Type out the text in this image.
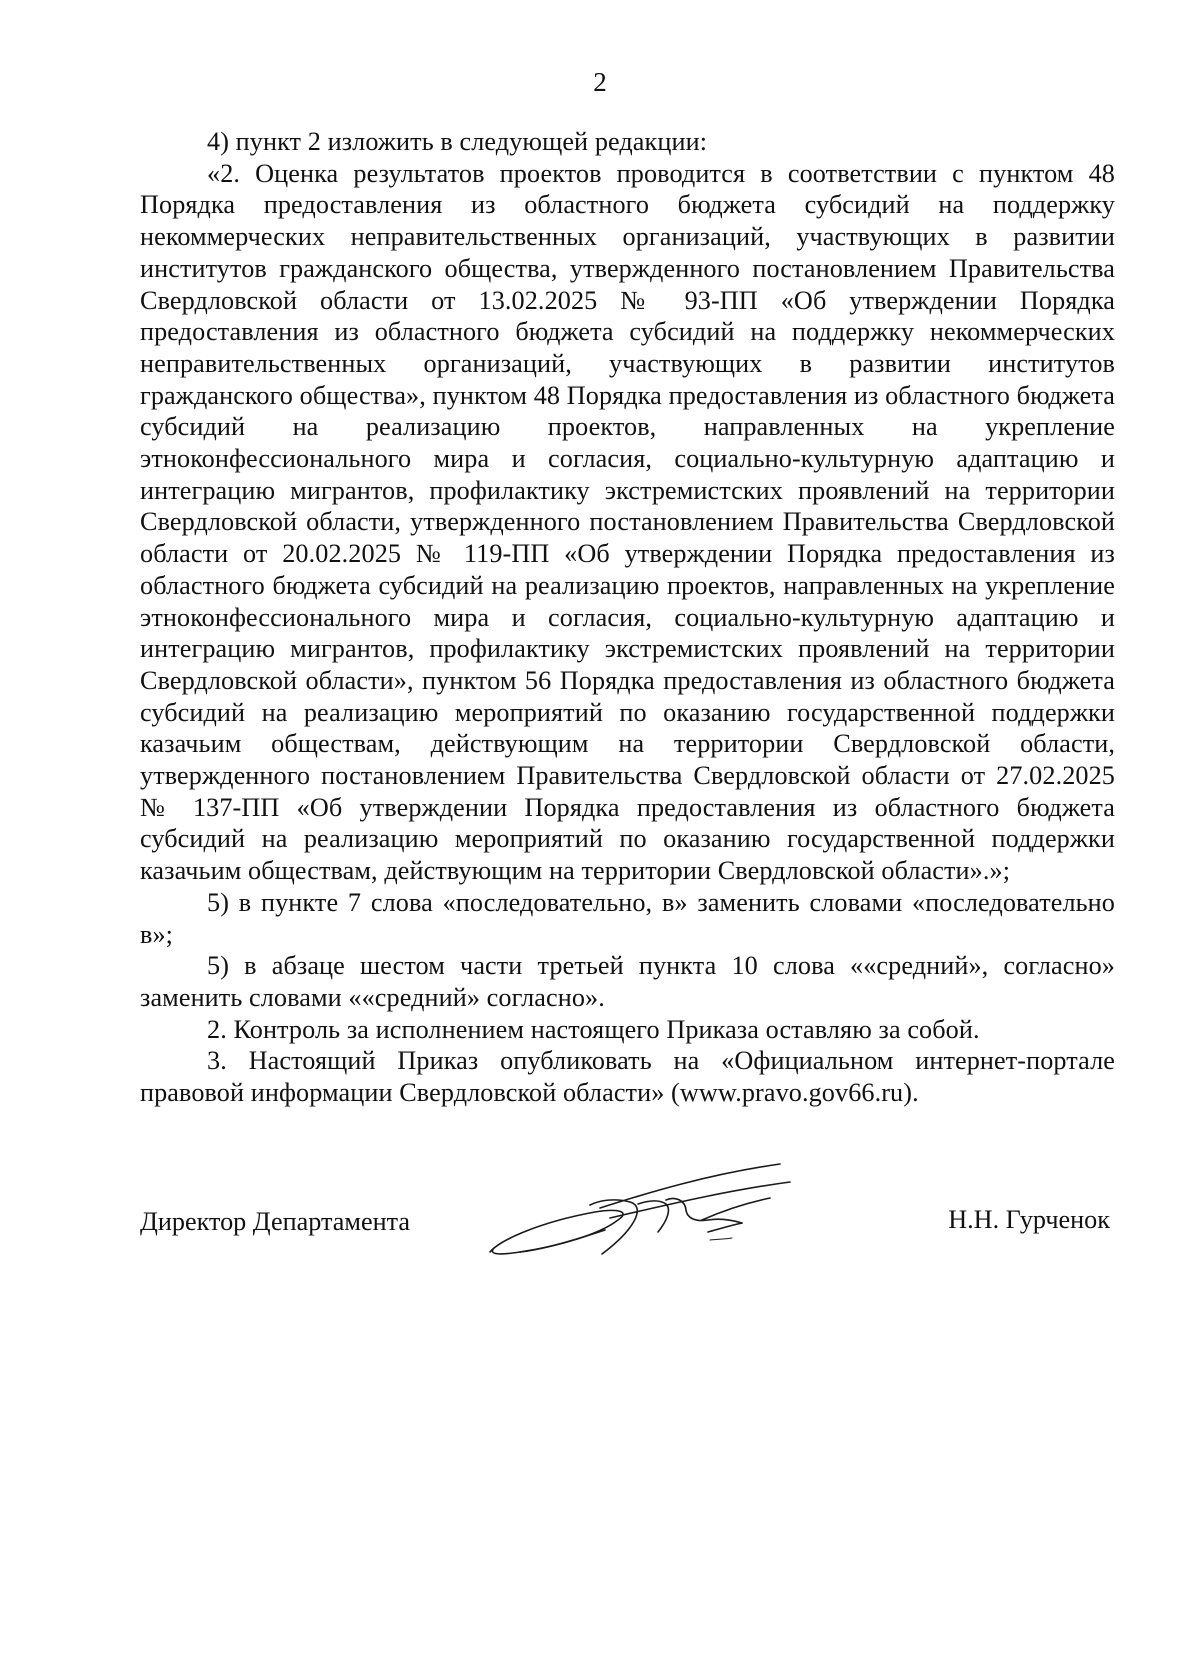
2

4) пункт 2 изложить в следующей редакции:

«2. Оценка результатов проектов проводится в соответствии с пунктом 48 Порядка предоставления из областного бюджета субсидий на поддержку некоммерческих неправительственных организаций, участвующих в развитии институтов гражданского общества, утвержденного постановлением Правительства Свердловской области от 13.02.2025 № 93-ПП «Об утверждении Порядка предоставления из областного бюджета субсидий на поддержку некоммерческих неправительственных организаций, участвующих в развитии институтов гражданского общества», пунктом 48 Порядка предоставления из областного бюджета субсидий на реализацию проектов, направленных на укрепление этноконфессионального мира и согласия, социально-культурную адаптацию и интеграцию мигрантов, профилактику экстремистских проявлений на территории Свердловской области, утвержденного постановлением Правительства Свердловской области от 20.02.2025 № 119-ПП «Об утверждении Порядка предоставления из областного бюджета субсидий на реализацию проектов, направленных на укрепление этноконфессионального мира и согласия, социально-культурную адаптацию и интеграцию мигрантов, профилактику экстремистских проявлений на территории Свердловской области», пунктом 56 Порядка предоставления из областного бюджета субсидий на реализацию мероприятий по оказанию государственной поддержки казачьим обществам, действующим на территории Свердловской области, утвержденного постановлением Правительства Свердловской области от 27.02.2025 № 137-ПП «Об утверждении Порядка предоставления из областного бюджета субсидий на реализацию мероприятий по оказанию государственной поддержки казачьим обществам, действующим на территории Свердловской области».»;

5) в пункте 7 слова «последовательно, в» заменить словами «последовательно в»;

5) в абзаце шестом части третьей пункта 10 слова ««средний», согласно» заменить словами ««средний» согласно».

2. Контроль за исполнением настоящего Приказа оставляю за собой.

3. Настоящий Приказ опубликовать на «Официальном интернет-портале правовой информации Свердловской области» (www.pravo.gov66.ru).

Директор Департамента	Н.Н. Гурченок
